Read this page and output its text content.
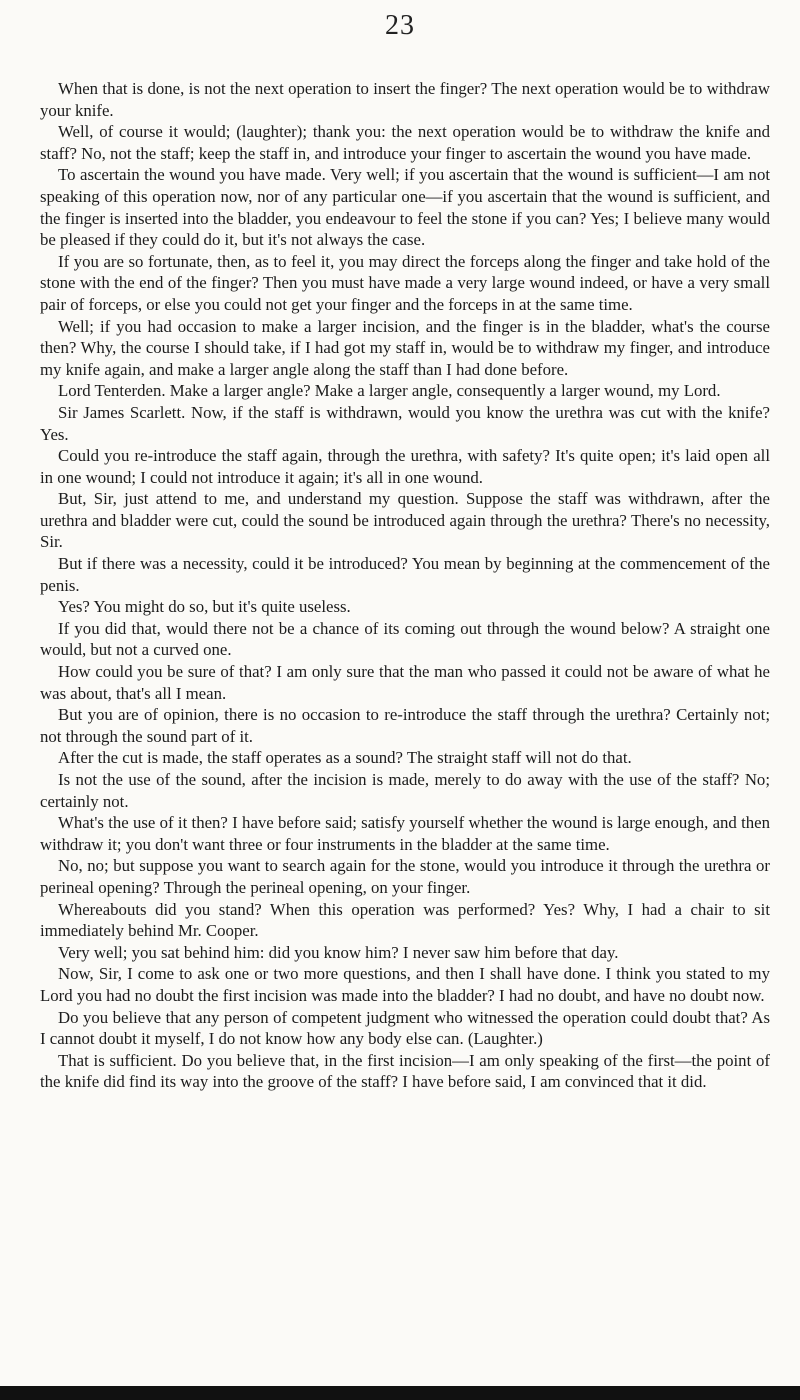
23

When that is done, is not the next operation to insert the finger? The next operation would be to withdraw your knife.

Well, of course it would; (laughter); thank you: the next operation would be to withdraw the knife and staff? No, not the staff; keep the staff in, and introduce your finger to ascertain the wound you have made.

To ascertain the wound you have made. Very well; if you ascertain that the wound is sufficient—I am not speaking of this operation now, nor of any particular one—if you ascertain that the wound is sufficient, and the finger is inserted into the bladder, you endeavour to feel the stone if you can? Yes; I believe many would be pleased if they could do it, but it's not always the case.

If you are so fortunate, then, as to feel it, you may direct the forceps along the finger and take hold of the stone with the end of the finger? Then you must have made a very large wound indeed, or have a very small pair of forceps, or else you could not get your finger and the forceps in at the same time.

Well; if you had occasion to make a larger incision, and the finger is in the bladder, what's the course then? Why, the course I should take, if I had got my staff in, would be to withdraw my finger, and introduce my knife again, and make a larger angle along the staff than I had done before.

Lord Tenterden. Make a larger angle? Make a larger angle, consequently a larger wound, my Lord.

Sir James Scarlett. Now, if the staff is withdrawn, would you know the urethra was cut with the knife? Yes.

Could you re-introduce the staff again, through the urethra, with safety? It's quite open; it's laid open all in one wound; I could not introduce it again; it's all in one wound.

But, Sir, just attend to me, and understand my question. Suppose the staff was withdrawn, after the urethra and bladder were cut, could the sound be introduced again through the urethra? There's no necessity, Sir.

But if there was a necessity, could it be introduced? You mean by beginning at the commencement of the penis.

Yes? You might do so, but it's quite useless.

If you did that, would there not be a chance of its coming out through the wound below? A straight one would, but not a curved one.

How could you be sure of that? I am only sure that the man who passed it could not be aware of what he was about, that's all I mean.

But you are of opinion, there is no occasion to re-introduce the staff through the urethra? Certainly not; not through the sound part of it.

After the cut is made, the staff operates as a sound? The straight staff will not do that.

Is not the use of the sound, after the incision is made, merely to do away with the use of the staff? No; certainly not.

What's the use of it then? I have before said; satisfy yourself whether the wound is large enough, and then withdraw it; you don't want three or four instruments in the bladder at the same time.

No, no; but suppose you want to search again for the stone, would you introduce it through the urethra or perineal opening? Through the perineal opening, on your finger.

Whereabouts did you stand? When this operation was performed? Yes? Why, I had a chair to sit immediately behind Mr. Cooper.

Very well; you sat behind him: did you know him? I never saw him before that day.

Now, Sir, I come to ask one or two more questions, and then I shall have done. I think you stated to my Lord you had no doubt the first incision was made into the bladder? I had no doubt, and have no doubt now.

Do you believe that any person of competent judgment who witnessed the operation could doubt that? As I cannot doubt it myself, I do not know how any body else can. (Laughter.)

That is sufficient. Do you believe that, in the first incision—I am only speaking of the first—the point of the knife did find its way into the groove of the staff? I have before said, I am convinced that it did.
